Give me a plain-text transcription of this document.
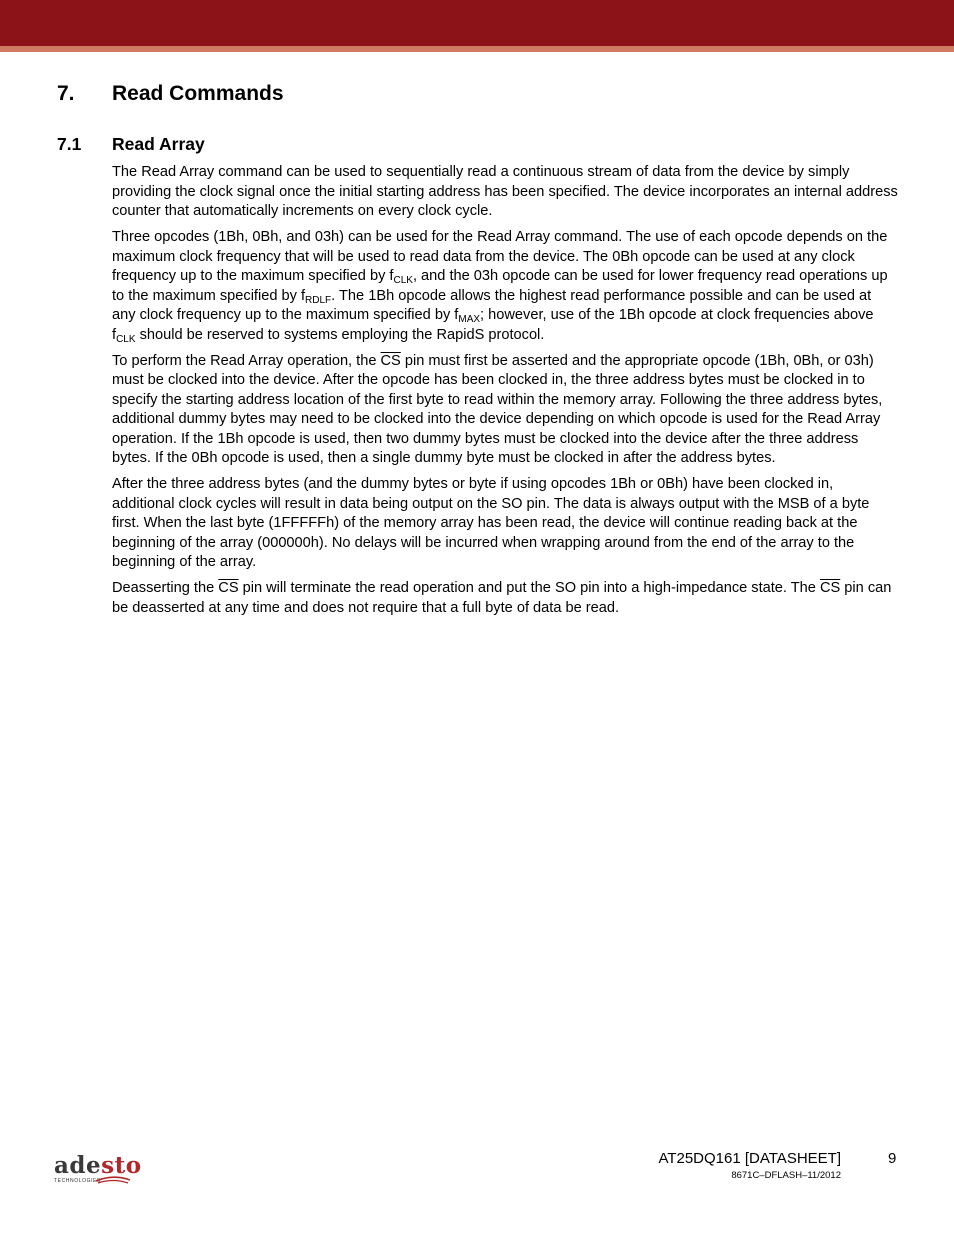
7. Read Commands
7.1 Read Array

The Read Array command can be used to sequentially read a continuous stream of data from the device by simply providing the clock signal once the initial starting address has been specified. The device incorporates an internal address counter that automatically increments on every clock cycle.

Three opcodes (1Bh, 0Bh, and 03h) can be used for the Read Array command. The use of each opcode depends on the maximum clock frequency that will be used to read data from the device. The 0Bh opcode can be used at any clock frequency up to the maximum specified by $f_{CLK}$, and the 03h opcode can be used for lower frequency read operations up to the maximum specified by $f_{RDLF}$. The 1Bh opcode allows the highest read performance possible and can be used at any clock frequency up to the maximum specified by $f_{MAX}$; however, use of the 1Bh opcode at clock frequencies above $f_{CLK}$ should be reserved to systems employing the RapidS protocol.

To perform the Read Array operation, the $\overline{CS}$ pin must first be asserted and the appropriate opcode (1Bh, 0Bh, or 03h) must be clocked into the device. After the opcode has been clocked in, the three address bytes must be clocked in to specify the starting address location of the first byte to read within the memory array. Following the three address bytes, additional dummy bytes may need to be clocked into the device depending on which opcode is used for the Read Array operation. If the 1Bh opcode is used, then two dummy bytes must be clocked into the device after the three address bytes. If the 0Bh opcode is used, then a single dummy byte must be clocked in after the address bytes.

After the three address bytes (and the dummy bytes or byte if using opcodes 1Bh or 0Bh) have been clocked in, additional clock cycles will result in data being output on the SO pin. The data is always output with the MSB of a byte first. When the last byte (1FFFFFh) of the memory array has been read, the device will continue reading back at the beginning of the array (000000h). No delays will be incurred when wrapping around from the end of the array to the beginning of the array.

Deasserting the $\overline{CS}$ pin will terminate the read operation and put the SO pin into a high-impedance state. The $\overline{CS}$ pin can be deasserted at any time and does not require that a full byte of data be read.

adesto
TECHNOLOGIES
AT25DQ161 [DATASHEET]
8671C–DFLASH–11/2012
9
